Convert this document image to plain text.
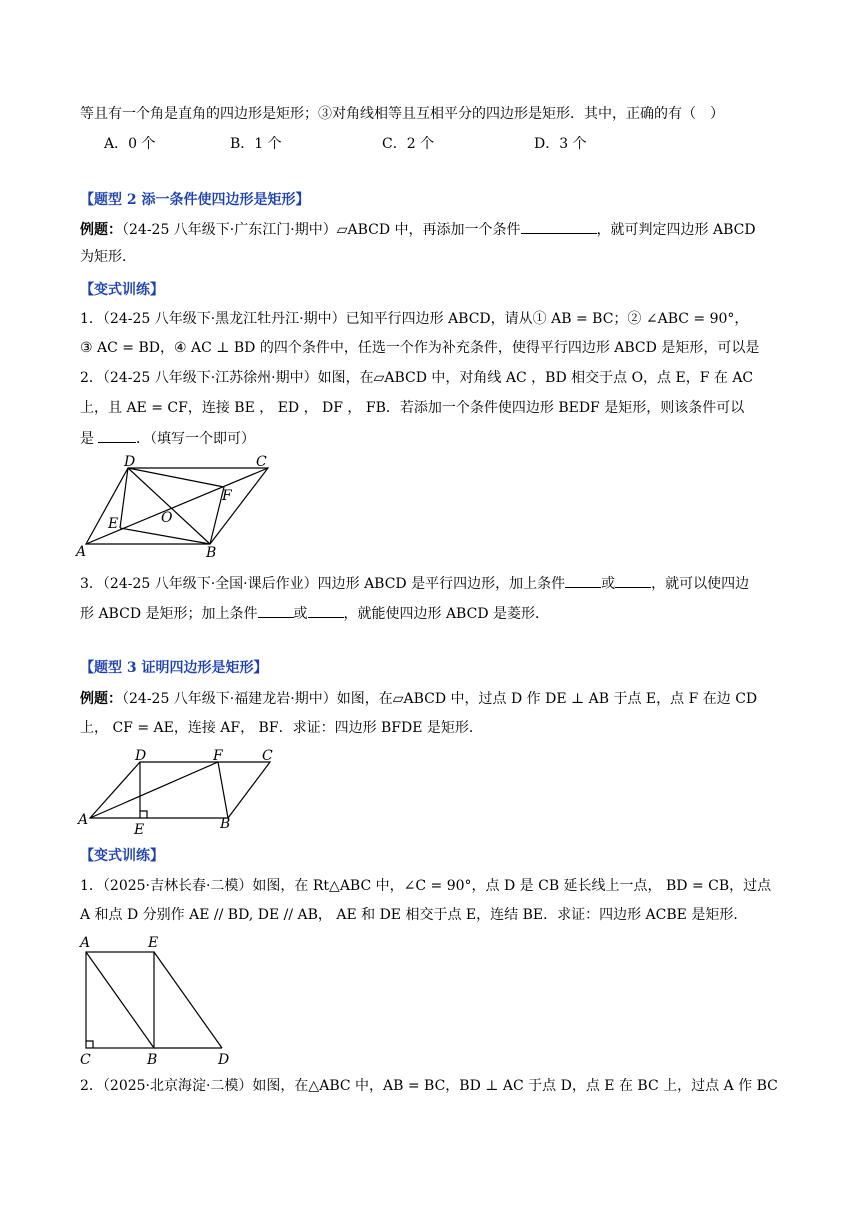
等且有一个角是直角的四边形是矩形；③对角线相等且互相平分的四边形是矩形．其中，正确的有（　）
A．0 个	B．1 个	C．2 个	D．3 个
【题型 2 添一条件使四边形是矩形】
例题：（24-25 八年级下·广东江门·期中）▱ABCD 中，再添加一个条件	，就可判定四边形 ABCD
为矩形．
【变式训练】
1．（24-25 八年级下·黑龙江牡丹江·期中）已知平行四边形 ABCD，请从① AB = BC；② ∠ABC = 90°，
③ AC = BD，④ AC ⊥ BD 的四个条件中，任选一个作为补充条件，使得平行四边形 ABCD 是矩形，可以是
2．（24-25 八年级下·江苏徐州·期中）如图，在▱ABCD 中，对角线 AC ，BD 相交于点 O，点 E，F 在 AC
上，且 AE = CF，连接 BE ， ED ， DF ， FB．若添加一个条件使四边形 BEDF 是矩形，则该条件可以
是	．（填写一个即可）
A	B
C
D
E
F
O
3．（24-25 八年级下·全国·课后作业）四边形 ABCD 是平行四边形，加上条件	或	，就可以使四边
形 ABCD 是矩形；加上条件	或	，就能使四边形 ABCD 是菱形．
【题型 3 证明四边形是矩形】
例题：（24-25 八年级下·福建龙岩·期中）如图，在▱ABCD 中，过点 D 作 DE ⊥ AB 于点 E，点 F 在边 CD
上， CF = AE，连接 AF， BF．求证：四边形 BFDE 是矩形．
A	B
C
D
E
F
【变式训练】
1．（2025·吉林长春·二模）如图，在 Rt△ABC 中，∠C = 90°，点 D 是 CB 延长线上一点， BD = CB，过点
A 和点 D 分别作 AE // BD, DE // AB， AE 和 DE 相交于点 E，连结 BE．求证：四边形 ACBE 是矩形．
A	E
C	B	D
2．（2025·北京海淀·二模）如图，在△ABC 中，AB = BC，BD ⊥ AC 于点 D，点 E 在 BC 上，过点 A 作 BC
